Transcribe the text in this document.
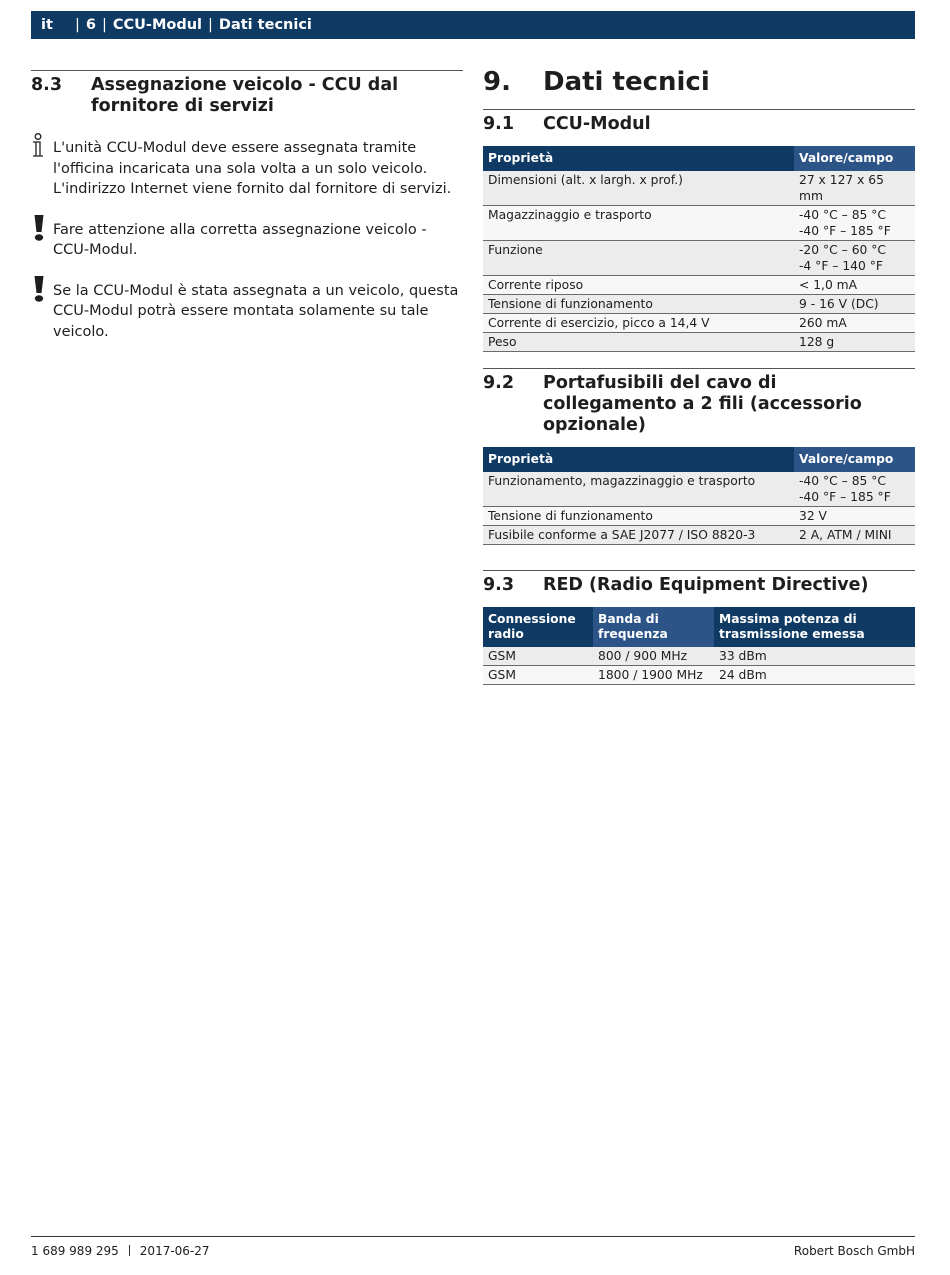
it	| 6 | CCU-Modul | Dati tecnici
8.3	Assegnazione veicolo - CCU dal fornitore di servizi
L'unità CCU-Modul deve essere assegnata tramite l'officina incaricata una sola volta a un solo veicolo. L'indirizzo Internet viene fornito dal fornitore di servizi.
Fare attenzione alla corretta assegnazione veicolo - CCU-Modul.
Se la CCU-Modul è stata assegnata a un veicolo, questa CCU-Modul potrà essere montata solamente su tale veicolo.
9.	Dati tecnici
9.1	CCU-Modul
Proprietà	Valore/campo
Dimensioni (alt. x largh. x prof.)	27 x 127 x 65 mm
Magazzinaggio e trasporto	-40 °C – 85 °C
-40 °F – 185 °F
Funzione	-20 °C – 60 °C
-4 °F – 140 °F
Corrente riposo	< 1,0 mA
Tensione di funzionamento	9 - 16 V (DC)
Corrente di esercizio, picco a 14,4 V	260 mA
Peso	128 g
9.2	Portafusibili del cavo di collegamento a 2 fili (accessorio opzionale)
Proprietà	Valore/campo
Funzionamento, magazzinaggio e trasporto	-40 °C – 85 °C
-40 °F – 185 °F
Tensione di funzionamento	32 V
Fusibile conforme a SAE J2077 / ISO 8820-3	2 A, ATM / MINI
9.3	RED (Radio Equipment Directive)
Connessione radio	Banda di frequenza	Massima potenza di trasmissione emessa
GSM	800 / 900 MHz	33 dBm
GSM	1800 / 1900 MHz	24 dBm
1 689 989 295 2017-06-27	Robert Bosch GmbH
